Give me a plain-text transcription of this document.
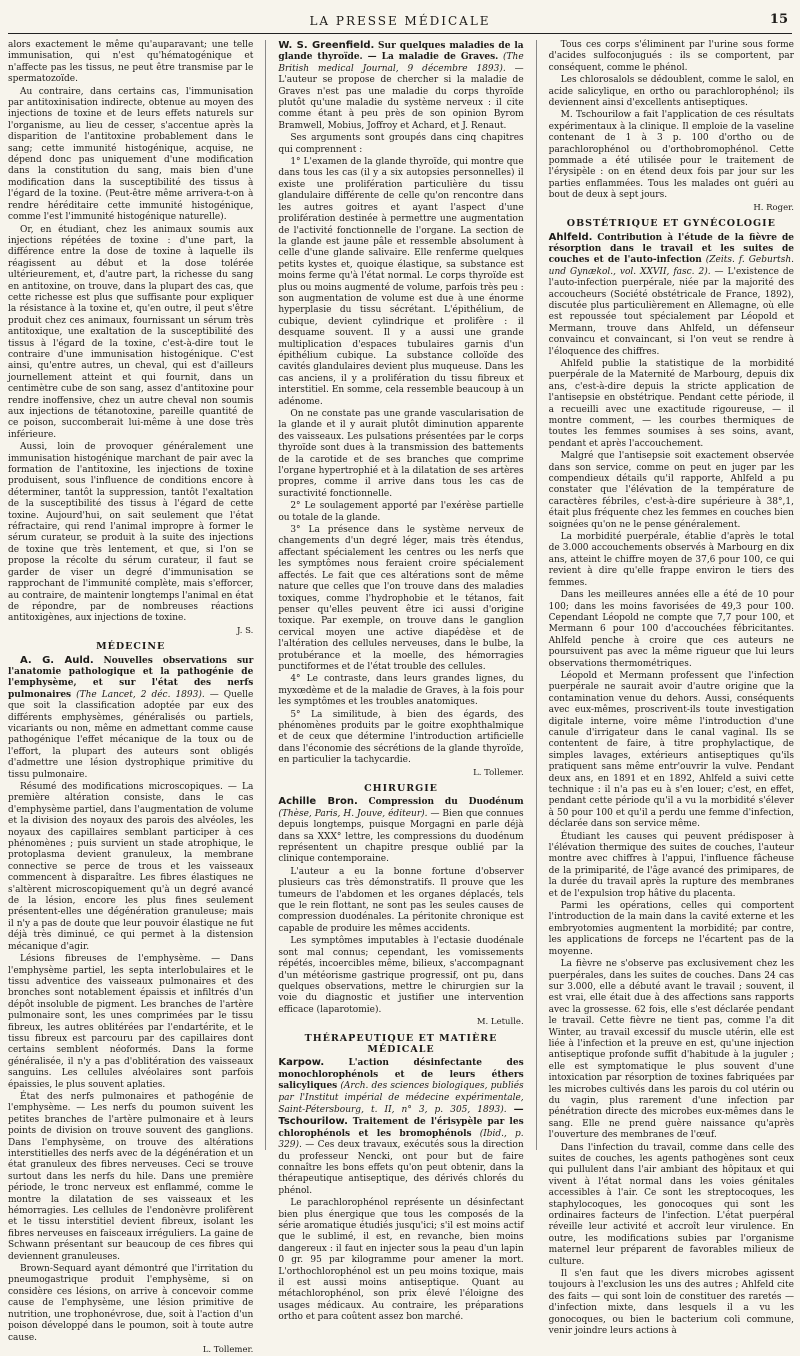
LA PRESSE MÉDICALE	15

alors exactement le même qu'auparavant; une telle immunisation, qui n'est qu'hématogénique et n'affecte pas les tissus, ne peut être transmise par le spermatozoïde.

Au contraire, dans certains cas, l'immunisation par antitoxinisation indirecte, obtenue au moyen des injections de toxine et de leurs effets naturels sur l'organisme, au lieu de cesser, s'accentue après la disparition de l'antitoxine probablement dans le sang; cette immunité histogénique, acquise, ne dépend donc pas uniquement d'une modification dans la constitution du sang, mais bien d'une modification dans la susceptibilité des tissus à l'égard de la toxine. (Peut-être même arrivera-t-on à rendre héréditaire cette immunité histogénique, comme l'est l'immunité histogénique naturelle).

Or, en étudiant, chez les animaux soumis aux injections répétées de toxine : d'une part, la différence entre la dose de toxine à laquelle ils réagissent au début et la dose tolérée ultérieurement, et, d'autre part, la richesse du sang en antitoxine, on trouve, dans la plupart des cas, que cette richesse est plus que suffisante pour expliquer la résistance à la toxine et, qu'en outre, il peut s'être produit chez ces animaux, fournissant un sérum très antitoxique, une exaltation de la susceptibilité des tissus à l'égard de la toxine, c'est-à-dire tout le contraire d'une immunisation histogénique. C'est ainsi, qu'entre autres, un cheval, qui est d'ailleurs journellement atteint et qui fournit, dans un centimètre cube de son sang, assez d'antitoxine pour rendre inoffensive, chez un autre cheval non soumis aux injections de tétanotoxine, pareille quantité de ce poison, succomberait lui-même à une dose très inférieure.

Aussi, loin de provoquer généralement une immunisation histogénique marchant de pair avec la formation de l'antitoxine, les injections de toxine produisent, sous l'influence de conditions encore à déterminer, tantôt la suppression, tantôt l'exaltation de la susceptibilité des tissus à l'égard de cette toxine. Aujourd'hui, on sait seulement que l'état réfractaire, qui rend l'animal impropre à former le sérum curateur, se produit à la suite des injections de toxine que très lentement, et que, si l'on se propose la récolte du sérum curateur, il faut se garder de viser un degré d'immunisation se rapprochant de l'immunité complète, mais s'efforcer, au contraire, de maintenir longtemps l'animal en état de répondre, par de nombreuses réactions antitoxigènes, aux injections de toxine.

J. S.
MÉDECINE

A. G. Auld. Nouvelles observations sur l'anatomie pathologique et la pathogénie de l'emphysème, et sur l'état des nerfs pulmonaires (The Lancet, 2 déc. 1893). — Quelle que soit la classification adoptée par eux des différents emphysèmes, généralisés ou partiels, vicariants ou non, même en admettant comme cause pathogénique l'effet mécanique de la toux ou de l'effort, la plupart des auteurs sont obligés d'admettre une lésion dystrophique primitive du tissu pulmonaire.

Résumé des modifications microscopiques. — La première altération consiste, dans le cas d'emphysème partiel, dans l'augmentation de volume et la division des noyaux des parois des alvéoles, les noyaux des capillaires semblant participer à ces phénomènes ; puis survient un stade atrophique, le protoplasma devient granuleux, la membrane connective se perce de trous et les vaisseaux commencent à disparaître. Les fibres élastiques ne s'altèrent microscopiquement qu'à un degré avancé de la lésion, encore les plus fines seulement présentent-elles une dégénération granuleuse; mais il n'y a pas de doute que leur pouvoir élastique ne fut déjà très diminué, ce qui permet à la distension mécanique d'agir.

Lésions fibreuses de l'emphysème. — Dans l'emphysème partiel, les septa interlobulaires et le tissu adventice des vaisseaux pulmonaires et des bronches sont notablement épaissis et infiltrés d'un dépôt insoluble de pigment. Les branches de l'artère pulmonaire sont, les unes comprimées par le tissu fibreux, les autres oblitérées par l'endartérite, et le tissu fibreux est parcouru par des capillaires dont certains semblent néoformés. Dans la forme généralisée, il n'y a pas d'oblitération des vaisseaux sanguins. Les cellules alvéolaires sont parfois épaissies, le plus souvent aplaties.

État des nerfs pulmonaires et pathogénie de l'emphysème. — Les nerfs du poumon suivent les petites branches de l'artère pulmonaire et à leurs points de division on trouve souvent des ganglions. Dans l'emphysème, on trouve des altérations interstitielles des nerfs avec de la dégénération et un état granuleux des fibres nerveuses. Ceci se trouve surtout dans les nerfs du hile. Dans une première période, le tronc nerveux est enflammé, comme le montre la dilatation de ses vaisseaux et les hémorragies. Les cellules de l'endonèvre prolifèrent et le tissu interstitiel devient fibreux, isolant les fibres nerveuses en faisceaux irréguliers. La gaine de Schwann présentant sur beaucoup de ces fibres qui deviennent granuleuses.

Brown-Sequard ayant démontré que l'irritation du pneumogastrique produit l'emphysème, si on considère ces lésions, on arrive à concevoir comme cause de l'emphysème, une lésion primitive de nutrition, une trophonévrose, due, soit à l'action d'un poison développé dans le poumon, soit à toute autre cause.

L. Tollemer.

W. S. Greenfield. Sur quelques maladies de la glande thyroïde. — La maladie de Graves. (The British medical Journal, 9 décembre 1893). — L'auteur se propose de chercher si la maladie de Graves n'est pas une maladie du corps thyroïde plutôt qu'une maladie du système nerveux : il cite comme étant à peu près de son opinion Byrom Bramwell, Mobius, Joffroy et Achard, et J. Renaut.

Ses arguments sont groupés dans cinq chapitres qui comprennent :

1° L'examen de la glande thyroïde, qui montre que dans tous les cas (il y a six autopsies personnelles) il existe une prolifération particulière du tissu glandulaire différente de celle qu'on rencontre dans les autres goitres et ayant l'aspect d'une prolifération destinée à permettre une augmentation de l'activité fonctionnelle de l'organe. La section de la glande est jaune pâle et ressemble absolument à celle d'une glande salivaire. Elle renferme quelques petits kystes et, quoique élastique, sa substance est moins ferme qu'à l'état normal. Le corps thyroïde est plus ou moins augmenté de volume, parfois très peu : son augmentation de volume est due à une énorme hyperplasie du tissu sécrétant. L'épithélium, de cubique, devient cylindrique et prolifère : il desquame souvent. Il y a aussi une grande multiplication d'espaces tubulaires garnis d'un épithélium cubique. La substance colloïde des cavités glandulaires devient plus muqueuse. Dans les cas anciens, il y a prolifération du tissu fibreux et interstitiel. En somme, cela ressemble beaucoup à un adénome.

On ne constate pas une grande vascularisation de la glande et il y aurait plutôt diminution apparente des vaisseaux. Les pulsations présentées par le corps thyroïde sont dues à la transmission des battements de la carotide et de ses branches que comprime l'organe hypertrophié et à la dilatation de ses artères propres, comme il arrive dans tous les cas de suractivité fonctionnelle.

2° Le soulagement apporté par l'exérèse partielle ou totale de la glande.

3° La présence dans le système nerveux de changements d'un degré léger, mais très étendus, affectant spécialement les centres ou les nerfs que les symptômes nous feraient croire spécialement affectés. Le fait que ces altérations sont de même nature que celles que l'on trouve dans des maladies toxiques, comme l'hydrophobie et le tétanos, fait penser qu'elles peuvent être ici aussi d'origine toxique. Par exemple, on trouve dans le ganglion cervical moyen une active diapédèse et de l'altération des cellules nerveuses, dans le bulbe, la protubérance et la moelle, des hémorragies punctiformes et de l'état trouble des cellules.

4° Le contraste, dans leurs grandes lignes, du myxœdème et de la maladie de Graves, à la fois pour les symptômes et les troubles anatomiques.

5° La similitude, à bien des égards, des phénomènes produits par le goitre exophthalmique et de ceux que détermine l'introduction artificielle dans l'économie des sécrétions de la glande thyroïde, en particulier la tachycardie.

L. Tollemer.
CHIRURGIE

Achille Bron. Compression du Duodénum (Thèse, Paris, H. Jouve, éditeur). — Bien que connues depuis longtemps, puisque Morgagni en parle déjà dans sa XXX° lettre, les compressions du duodénum représentent un chapitre presque oublié par la clinique contemporaine.

L'auteur a eu la bonne fortune d'observer plusieurs cas très démonstratifs. Il prouve que les tumeurs de l'abdomen et les organes déplacés, tels que le rein flottant, ne sont pas les seules causes de compression duodénales. La péritonite chronique est capable de produire les mêmes accidents.

Les symptômes imputables à l'ectasie duodénale sont mal connus; cependant, les vomissements répétés, incoercibles même, bilieux, s'accompagnant d'un météorisme gastrique progressif, ont pu, dans quelques observations, mettre le chirurgien sur la voie du diagnostic et justifier une intervention efficace (laparotomie).

M. Letulle.
THÉRAPEUTIQUE ET MATIÈRE MÉDICALE

Karpow.	L'action désinfectante des monochlorophénols et de leurs éthers salicyliques (Arch. des sciences biologiques, publiés par l'Institut impérial de médecine expérimentale, Saint-Pétersbourg, t. II, n° 3, p. 305, 1893). — Tschourilow. Traitement de l'érisypèle par les chlorophénols et les bromophénols (Ibid., p. 329). — Ces deux travaux, exécutés sous la direction du professeur Nencki, ont pour but de faire connaître les bons effets qu'on peut obtenir, dans la thérapeutique antiseptique, des dérivés chlorés du phénol.

Le parachlorophénol représente un désinfectant bien plus énergique que tous les composés de la série aromatique étudiés jusqu'ici; s'il est moins actif que le sublimé, il est, en revanche, bien moins dangereux : il faut en injecter sous la peau d'un lapin 0 gr. 95 par kilogramme pour amener la mort. L'orthochlorophénol est un peu moins toxique, mais il est aussi moins antiseptique. Quant au métachlorophénol, son prix élevé l'éloigne des usages médicaux. Au contraire, les préparations ortho et para coûtent assez bon marché.

Tous ces corps s'éliminent par l'urine sous forme d'acides sulfoconjugués : ils se comportent, par conséquent, comme le phénol.

Les chlorosalols se dédoublent, comme le salol, en acide salicylique, en ortho ou parachlorophénol; ils deviennent ainsi d'excellents antiseptiques.

M. Tschourilow a fait l'application de ces résultats expérimentaux à la clinique. Il emploie de la vaseline contenant de 1 à 3 p. 100 d'ortho ou de parachlorophénol ou d'orthobromophénol. Cette pommade a été utilisée pour le traitement de l'érysipèle : on en étend deux fois par jour sur les parties enflammées. Tous les malades ont guéri au bout de deux à sept jours.

H. Roger.
OBSTÉTRIQUE ET GYNÉCOLOGIE

Ahlfeld. Contribution à l'étude de la fièvre de résorption dans le travail et les suites de couches et de l'auto-infection (Zeits. f. Geburtsh. und Gynækol., vol. XXVII, fasc. 2). — L'existence de l'auto-infection puerpérale, niée par la majorité des accoucheurs (Société obstétricale de France, 1892), discutée plus particulièrement en Allemagne, où elle est repoussée tout spécialement par Léopold et Mermann, trouve dans Ahlfeld, un défenseur convaincu et convaincant, si l'on veut se rendre à l'éloquence des chiffres.

Ahlfeld publie la statistique de la morbidité puerpérale de la Maternité de Marbourg, depuis dix ans, c'est-à-dire depuis la stricte application de l'antisepsie en obstétrique. Pendant cette période, il a recueilli avec une exactitude rigoureuse, — il montre comment, — les courbes thermiques de toutes les femmes soumises à ses soins, avant, pendant et après l'accouchement.

Malgré que l'antisepsie soit exactement observée dans son service, comme on peut en juger par les compendieux détails qu'il rapporte, Ahlfeld a pu constater que l'élévation de la température de caractères fébriles, c'est-à-dire supérieure à 38°,1, était plus fréquente chez les femmes en couches bien soignées qu'on ne le pense généralement.

La morbidité puerpérale, établie d'après le total de 3.000 accouchements observés à Marbourg en dix ans, atteint le chiffre moyen de 37,6 pour 100, ce qui revient à dire qu'elle frappe environ le tiers des femmes.

Dans les meilleures années elle a été de 10 pour 100; dans les moins favorisées de 49,3 pour 100. Cependant Léopold ne compte que 7,7 pour 100, et Mermann 6 pour 100 d'accouchées fébricitantes. Ahlfeld penche à croire que ces auteurs ne poursuivent pas avec la même rigueur que lui leurs observations thermométriques.

Léopold et Mermann professent que l'infection puerpérale ne saurait avoir d'autre origine que la contamination venue du dehors. Aussi, conséquents avec eux-mêmes, proscrivent-ils toute investigation digitale interne, voire même l'introduction d'une canule d'irrigateur dans le canal vaginal. Ils se contentent de faire, à titre prophylactique, de simples lavages, extérieurs antiseptiques qu'ils pratiquent sans même entr'ouvrir la vulve. Pendant deux ans, en 1891 et en 1892, Ahlfeld a suivi cette technique : il n'a pas eu à s'en louer; c'est, en effet, pendant cette période qu'il a vu la morbidité s'élever à 50 pour 100 et qu'il a perdu une femme d'infection, déclarée dans son service même.

Étudiant les causes qui peuvent prédisposer à l'élévation thermique des suites de couches, l'auteur montre avec chiffres à l'appui, l'influence fâcheuse de la primiparité, de l'âge avancé des primipares, de la durée du travail après la rupture des membranes et de l'expulsion trop hâtive du placenta.

Parmi les opérations, celles qui comportent l'introduction de la main dans la cavité externe et les embryotomies augmentent la morbidité; par contre, les applications de forceps ne l'écartent pas de la moyenne.

La fièvre ne s'observe pas exclusivement chez les puerpérales, dans les suites de couches. Dans 24 cas sur 3.000, elle a débuté avant le travail ; souvent, il est vrai, elle était due à des affections sans rapports avec la grossesse. 62 fois, elle s'est déclarée pendant le travail. Cette fièvre ne tient pas, comme l'a dit Winter, au travail excessif du muscle utérin, elle est liée à l'infection et la preuve en est, qu'une injection antiseptique profonde suffit d'habitude à la juguler ; elle est symptomatique le plus souvent d'une intoxication par résorption de toxines fabriquées par les microbes cultivés dans les parois du col utérin ou du vagin, plus rarement d'une infection par pénétration directe des microbes eux-mêmes dans le sang. Elle ne prend guère naissance qu'après l'ouverture des membranes de l'œuf.

Dans l'infection du travail, comme dans celle des suites de couches, les agents pathogènes sont ceux qui pullulent dans l'air ambiant des hôpitaux et qui vivent à l'état normal dans les voies génitales accessibles à l'air. Ce sont les streptocoques, les staphylocoques, les gonocoques qui sont les ordinaires facteurs de l'infection. L'état puerpéral réveille leur activité et accroît leur virulence. En outre, les modifications subies par l'organisme maternel leur préparent de favorables milieux de culture.

Il s'en faut que les divers microbes agissent toujours à l'exclusion les uns des autres ; Ahlfeld cite des faits — qui sont loin de constituer des raretés — d'infection mixte, dans lesquels il a vu les gonocoques, ou bien le bacterium coli commune, venir joindre leurs actions à
